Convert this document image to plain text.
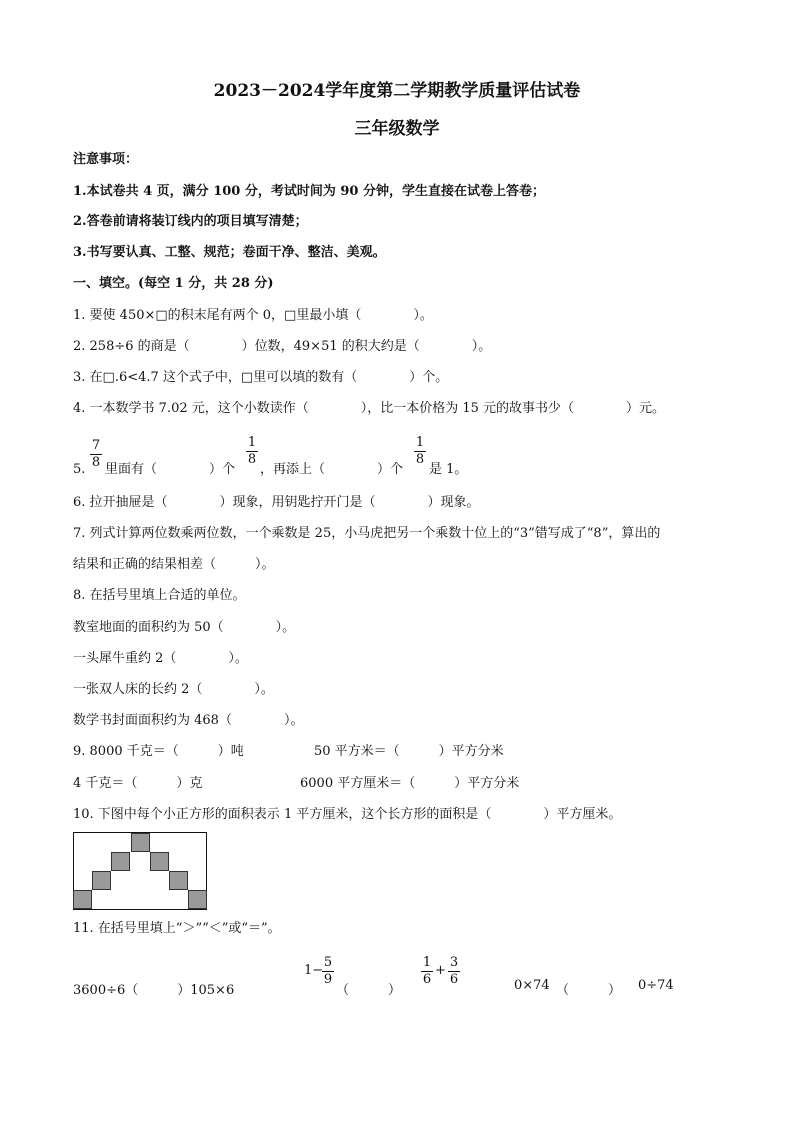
2023－2024学年度第二学期教学质量评估试卷
三年级数学
注意事项：
1.本试卷共 4 页，满分 100 分，考试时间为 90 分钟，学生直接在试卷上答卷；
2.答卷前请将装订线内的项目填写清楚；
3.书写要认真、工整、规范；卷面干净、整洁、美观。
一、填空。(每空 1 分，共 28 分)
1. 要使 450×□的积末尾有两个 0，□里最小填（　　　　）。
2. 258÷6 的商是（　　　　）位数，49×51 的积大约是（　　　　）。
3. 在□.6<4.7 这个式子中，□里可以填的数有（　　　　）个。
4. 一本数学书 7.02 元，这个小数读作（　　　　），比一本价格为 15 元的故事书少（　　　　）元。
5.
7
8 里面有（　　　　）个
1
8
，再添上（　　　　）个
1
8
是 1。
6. 拉开抽屉是（　　　　）现象，用钥匙拧开门是（　　　　）现象。
7. 列式计算两位数乘两位数，一个乘数是 25，小马虎把另一个乘数十位上的“3”错写成了“8”，算出的
结果和正确的结果相差（　　　）。
8. 在括号里填上合适的单位。
教室地面的面积约为 50（　　　　）。
一头犀牛重约 2（　　　　）。
一张双人床的长约 2（　　　　）。
数学书封面面积约为 468（　　　　）。
9. 8000 千克＝（　　　）吨	50 平方米＝（　　　）平方分米
4 千克＝（　　　）克	6000 平方厘米＝（　　　）平方分米
10. 下图中每个小正方形的面积表示 1 平方厘米，这个长方形的面积是（　　　　）平方厘米。
11. 在括号里填上“＞”“＜”或“＝”。
3600÷6（　　　）105×6
1−
5
9
（　　　）
1
6
+
3
6	0×74 （　　　） 0÷74
